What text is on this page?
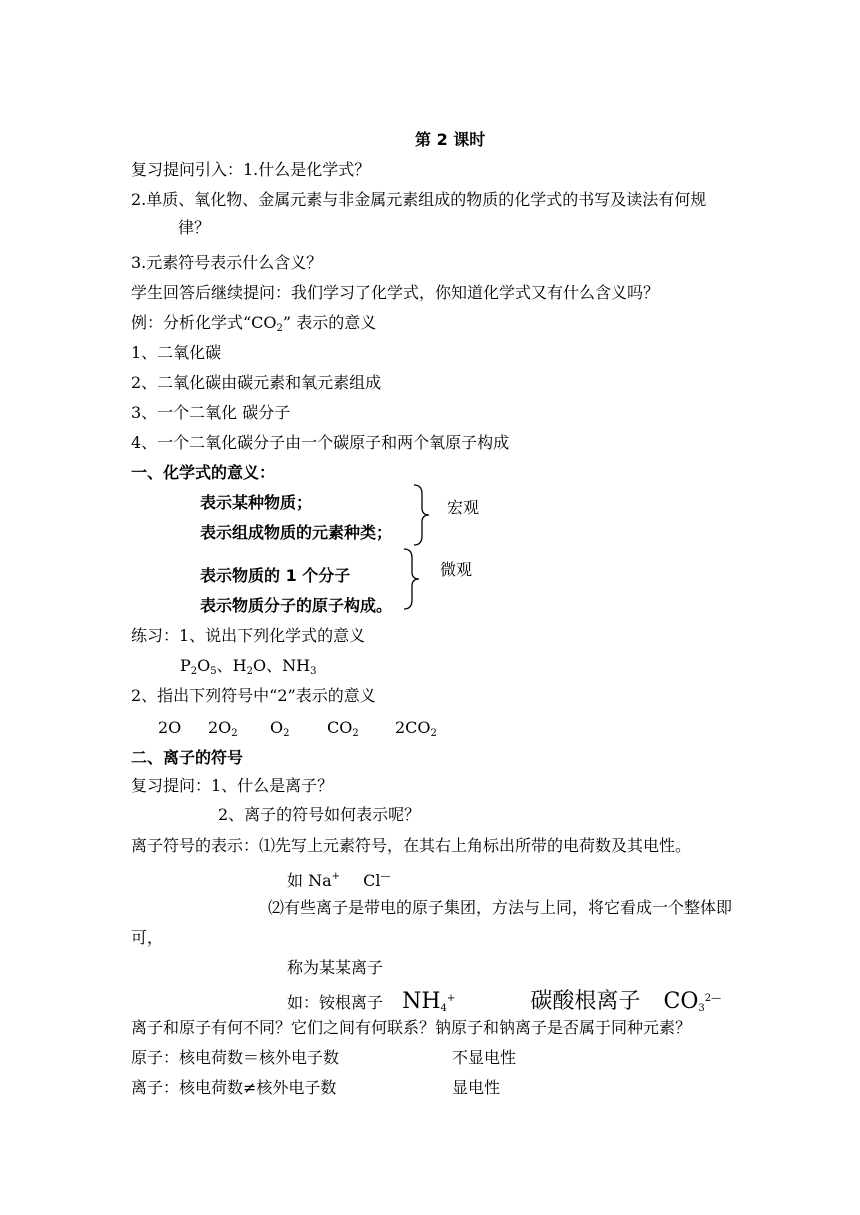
第 2 课时
复习提问引入：1.什么是化学式？
2.单质、氧化物、金属元素与非金属元素组成的物质的化学式的书写及读法有何规
律？
3.元素符号表示什么含义？
学生回答后继续提问：我们学习了化学式，你知道化学式又有什么含义吗？
例：分析化学式“$CO_2$” 表示的意义
1、二氧化碳
2、二氧化碳由碳元素和氧元素组成
3、一个二氧化 碳分子
4、一个二氧化碳分子由一个碳原子和两个氧原子构成
一、化学式的意义：
表示某种物质；
表示组成物质的元素种类；
表示物质的 1 个分子
表示物质分子的原子构成。
宏观
微观
练习：1、说出下列化学式的意义
$P_2O_5$、$H_2O$、$NH_3$
2、指出下列符号中“2”表示的意义
2O $2O_2$ $O_2$ $CO_2$ $2CO_2$
二、离子的符号
复习提问：1、什么是离子？
2、离子的符号如何表示呢？
离子符号的表示：⑴先写上元素符号，在其右上角标出所带的电荷数及其电性。
如 Na+ Cl—
⑵有些离子是带电的原子集团，方法与上同，将它看成一个整体即
可，
称为某某离子
如：铵根离子 $NH_4^+$	碳酸根离子 $CO_3^{2—}$
离子和原子有何不同？它们之间有何联系？钠原子和钠离子是否属于同种元素？
原子：核电荷数＝核外电子数	不显电性
离子：核电荷数≠核外电子数	显电性
